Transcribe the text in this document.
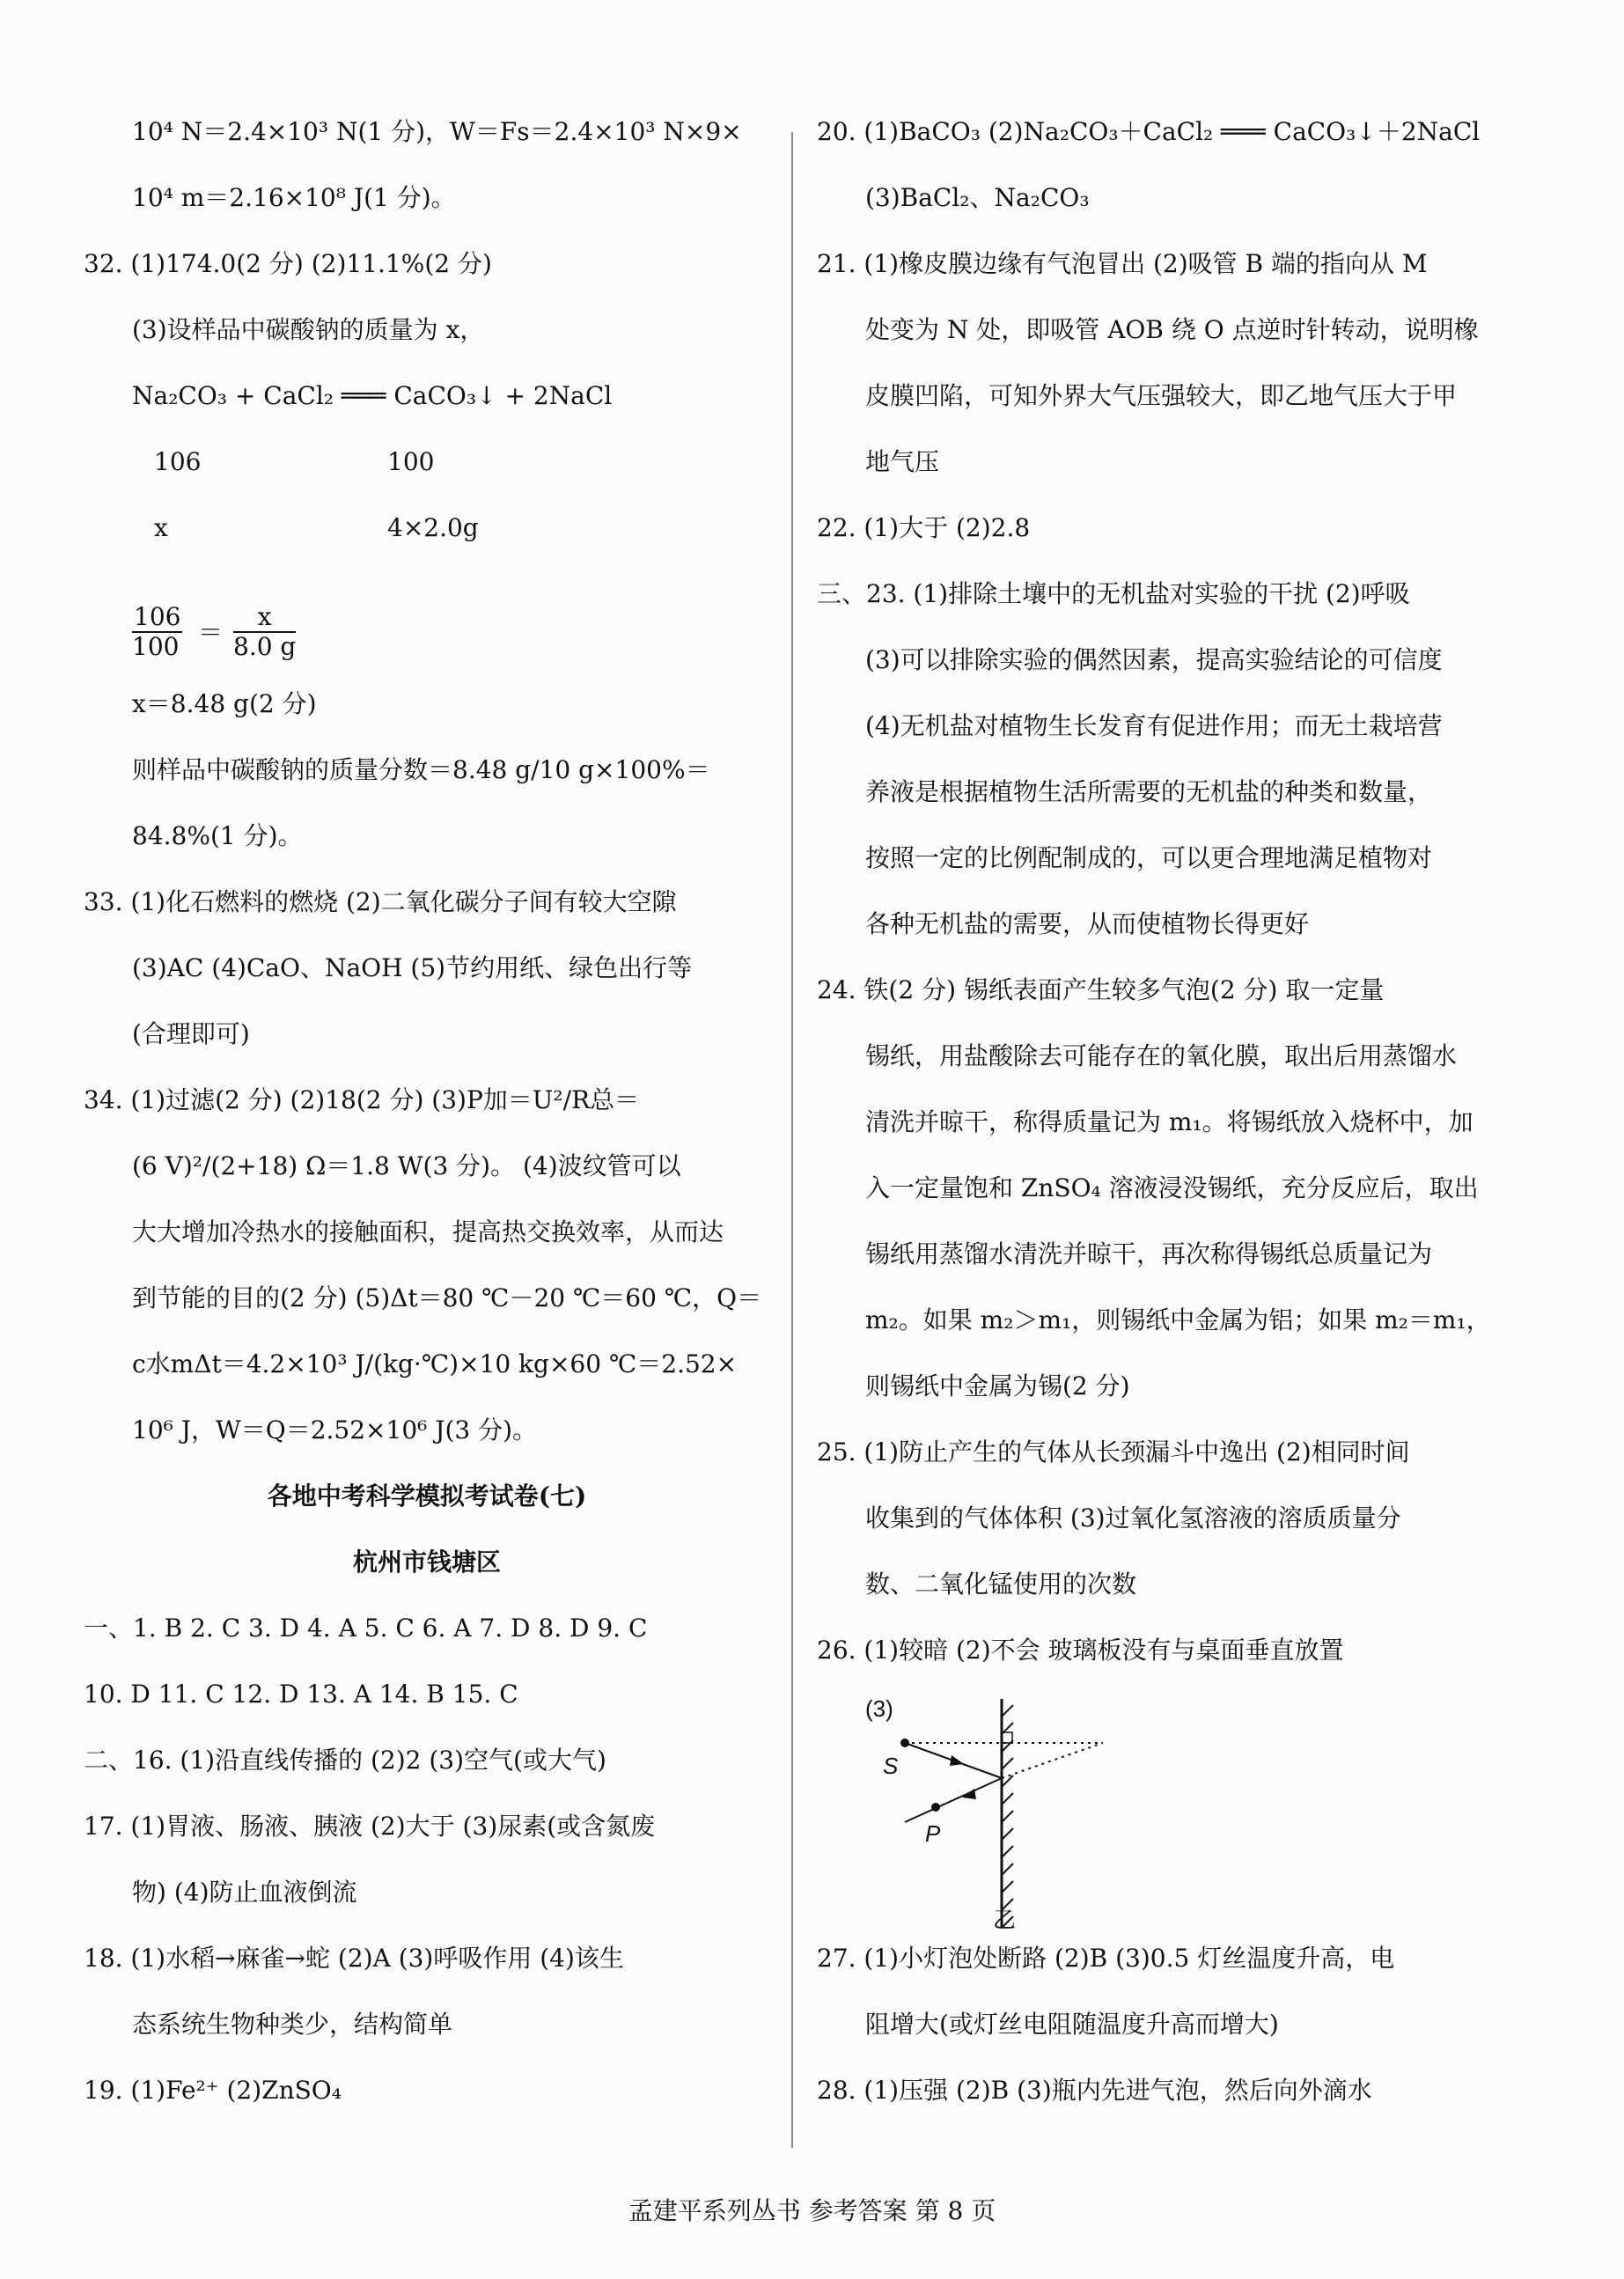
$\frac{106}{100} = \frac{x}{8.0 g}$
10⁴ N＝2.4×10³ N(1 分)，W＝Fs＝2.4×10³ N×9×
10⁴ m＝2.16×10⁸ J(1 分)。
32. (1)174.0(2 分) (2)11.1%(2 分)
(3)设样品中碳酸钠的质量为 x，
Na₂CO₃ + CaCl₂ ═══ CaCO₃↓ + 2NaCl
106	100
x	4×2.0g
x＝8.48 g(2 分)
则样品中碳酸钠的质量分数＝8.48 g/10 g×100%＝
84.8%(1 分)。
33. (1)化石燃料的燃烧 (2)二氧化碳分子间有较大空隙
(3)AC (4)CaO、NaOH (5)节约用纸、绿色出行等
(合理即可)
34. (1)过滤(2 分) (2)18(2 分) (3)P加＝U²/R总＝
(6 V)²/(2+18) Ω＝1.8 W(3 分)。 (4)波纹管可以
大大增加冷热水的接触面积，提高热交换效率，从而达
到节能的目的(2 分) (5)Δt＝80 ℃－20 ℃＝60 ℃，Q＝
c水mΔt＝4.2×10³ J/(kg·℃)×10 kg×60 ℃＝2.52×
10⁶ J，W＝Q＝2.52×10⁶ J(3 分)。
各地中考科学模拟考试卷(七)
杭州市钱塘区
一、1. B 2. C 3. D 4. A 5. C 6. A 7. D 8. D 9. C
10. D 11. C 12. D 13. A 14. B 15. C
二、16. (1)沿直线传播的 (2)2 (3)空气(或大气)
17. (1)胃液、肠液、胰液 (2)大于 (3)尿素(或含氮废
物) (4)防止血液倒流
18. (1)水稻→麻雀→蛇 (2)A (3)呼吸作用 (4)该生
态系统生物种类少，结构简单
19. (1)Fe²⁺ (2)ZnSO₄
(3)
S
P
乙
20. (1)BaCO₃ (2)Na₂CO₃＋CaCl₂ ═══ CaCO₃↓＋2NaCl
(3)BaCl₂、Na₂CO₃
21. (1)橡皮膜边缘有气泡冒出 (2)吸管 B 端的指向从 M
处变为 N 处，即吸管 AOB 绕 O 点逆时针转动，说明橡
皮膜凹陷，可知外界大气压强较大，即乙地气压大于甲
地气压
22. (1)大于 (2)2.8
三、23. (1)排除土壤中的无机盐对实验的干扰 (2)呼吸
(3)可以排除实验的偶然因素，提高实验结论的可信度
(4)无机盐对植物生长发育有促进作用；而无土栽培营
养液是根据植物生活所需要的无机盐的种类和数量，
按照一定的比例配制成的，可以更合理地满足植物对
各种无机盐的需要，从而使植物长得更好
24. 铁(2 分) 锡纸表面产生较多气泡(2 分) 取一定量
锡纸，用盐酸除去可能存在的氧化膜，取出后用蒸馏水
清洗并晾干，称得质量记为 m₁。将锡纸放入烧杯中，加
入一定量饱和 ZnSO₄ 溶液浸没锡纸，充分反应后，取出
锡纸用蒸馏水清洗并晾干，再次称得锡纸总质量记为
m₂。如果 m₂＞m₁，则锡纸中金属为铝；如果 m₂＝m₁，
则锡纸中金属为锡(2 分)
25. (1)防止产生的气体从长颈漏斗中逸出 (2)相同时间
收集到的气体体积 (3)过氧化氢溶液的溶质质量分
数、二氧化锰使用的次数
26. (1)较暗 (2)不会 玻璃板没有与桌面垂直放置
27. (1)小灯泡处断路 (2)B (3)0.5 灯丝温度升高，电
阻增大(或灯丝电阻随温度升高而增大)
28. (1)压强 (2)B (3)瓶内先进气泡，然后向外滴水
孟建平系列丛书 参考答案 第 8 页
